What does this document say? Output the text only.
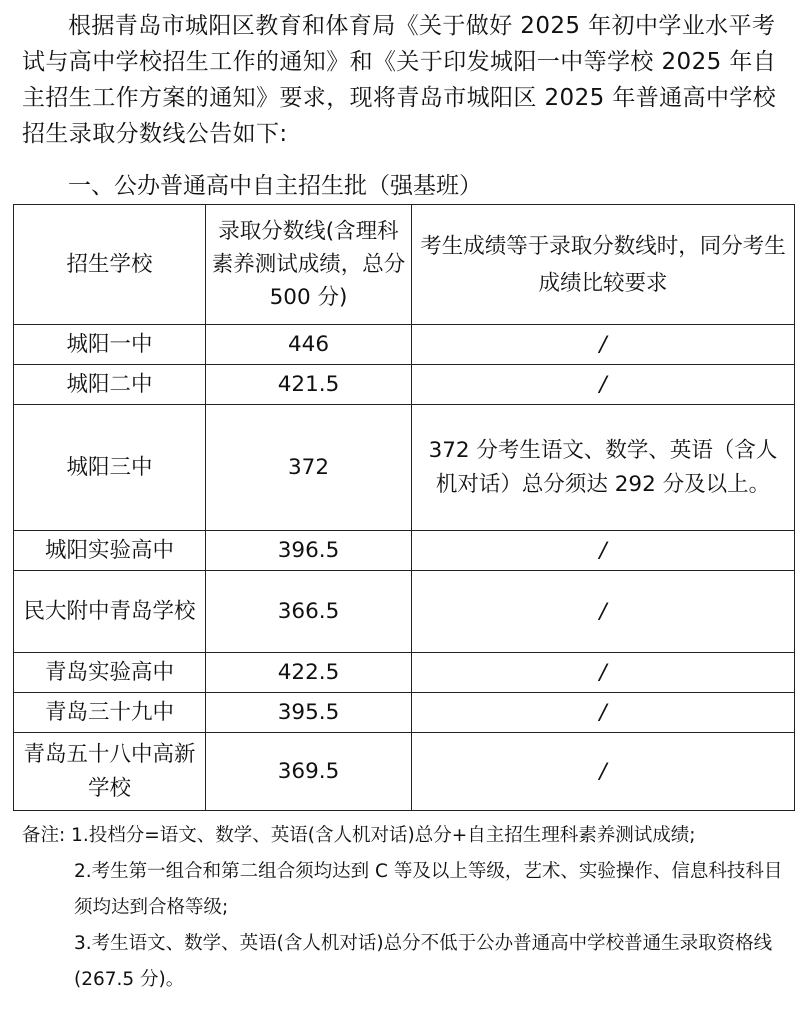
根据青岛市城阳区教育和体育局《关于做好 2025 年初中学业水平考试与高中学校招生工作的通知》和《关于印发城阳一中等学校 2025 年自主招生工作方案的通知》要求，现将青岛市城阳区 2025 年普通高中学校招生录取分数线公告如下:

一、公办普通高中自主招生批（强基班）

招生学校	录取分数线(含理科素养测试成绩，总分 500 分)	考生成绩等于录取分数线时，同分考生成绩比较要求
城阳一中	446	/
城阳二中	421.5	/
城阳三中	372	372 分考生语文、数学、英语（含人机对话）总分须达 292 分及以上。
城阳实验高中	396.5	/
民大附中青岛学校	366.5	/
青岛实验高中	422.5	/
青岛三十九中	395.5	/
青岛五十八中高新学校	369.5	/

备注: 1.投档分=语文、数学、英语(含人机对话)总分+自主招生理科素养测试成绩;

2.考生第一组合和第二组合须均达到 C 等及以上等级，艺术、实验操作、信息科技科目须均达到合格等级;

3.考生语文、数学、英语(含人机对话)总分不低于公办普通高中学校普通生录取资格线(267.5 分)。
